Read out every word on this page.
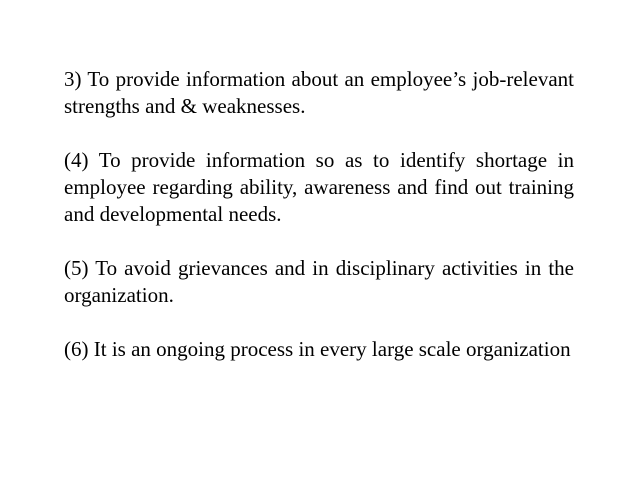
3) To provide information about an employee’s job-relevant strengths and & weaknesses.

(4) To provide information so as to identify shortage in employee regarding ability, awareness and find out training and developmental needs.

(5) To avoid grievances and in disciplinary activities in the organization.

(6) It is an ongoing process in every large scale organization
